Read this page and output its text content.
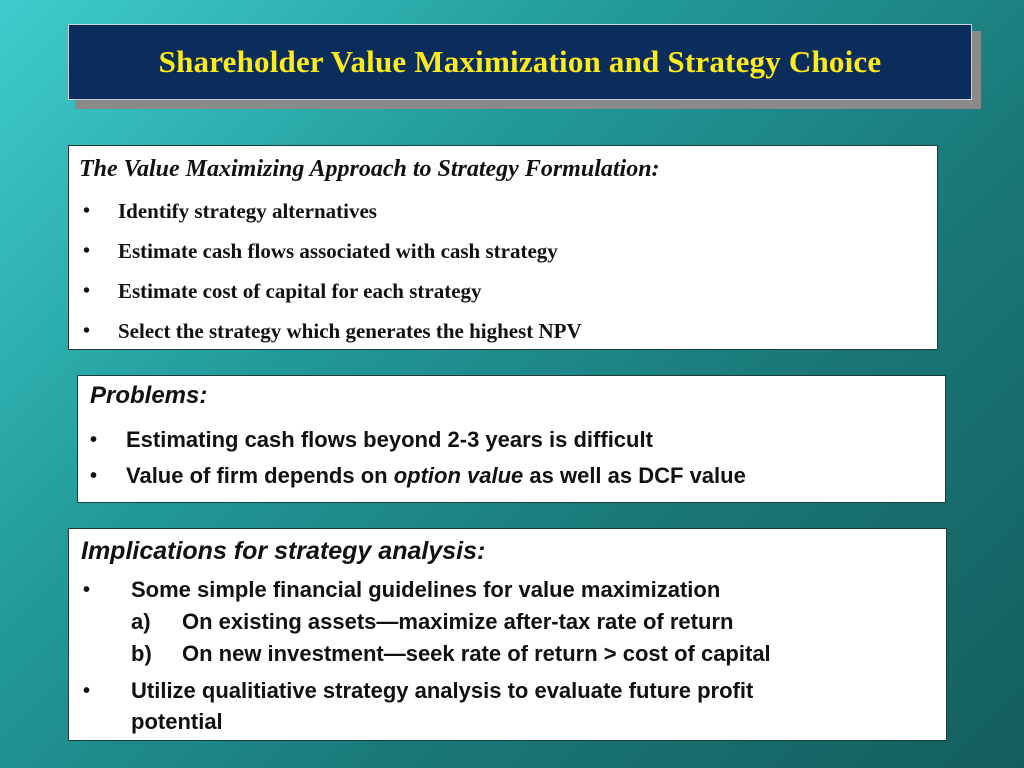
Shareholder Value Maximization and Strategy Choice
The Value Maximizing Approach to Strategy Formulation:
• Identify strategy alternatives
• Estimate cash flows associated with cash strategy
• Estimate cost of capital for each strategy
• Select the strategy which generates the highest NPV
Problems:
• Estimating cash flows beyond 2-3 years is difficult
• Value of firm depends on option value as well as DCF value
Implications for strategy analysis:
• Some simple financial guidelines for value maximization
a) On existing assets—maximize after-tax rate of return
b) On new investment—seek rate of return > cost of capital
• Utilize qualitiative strategy analysis to evaluate future profit
potential
